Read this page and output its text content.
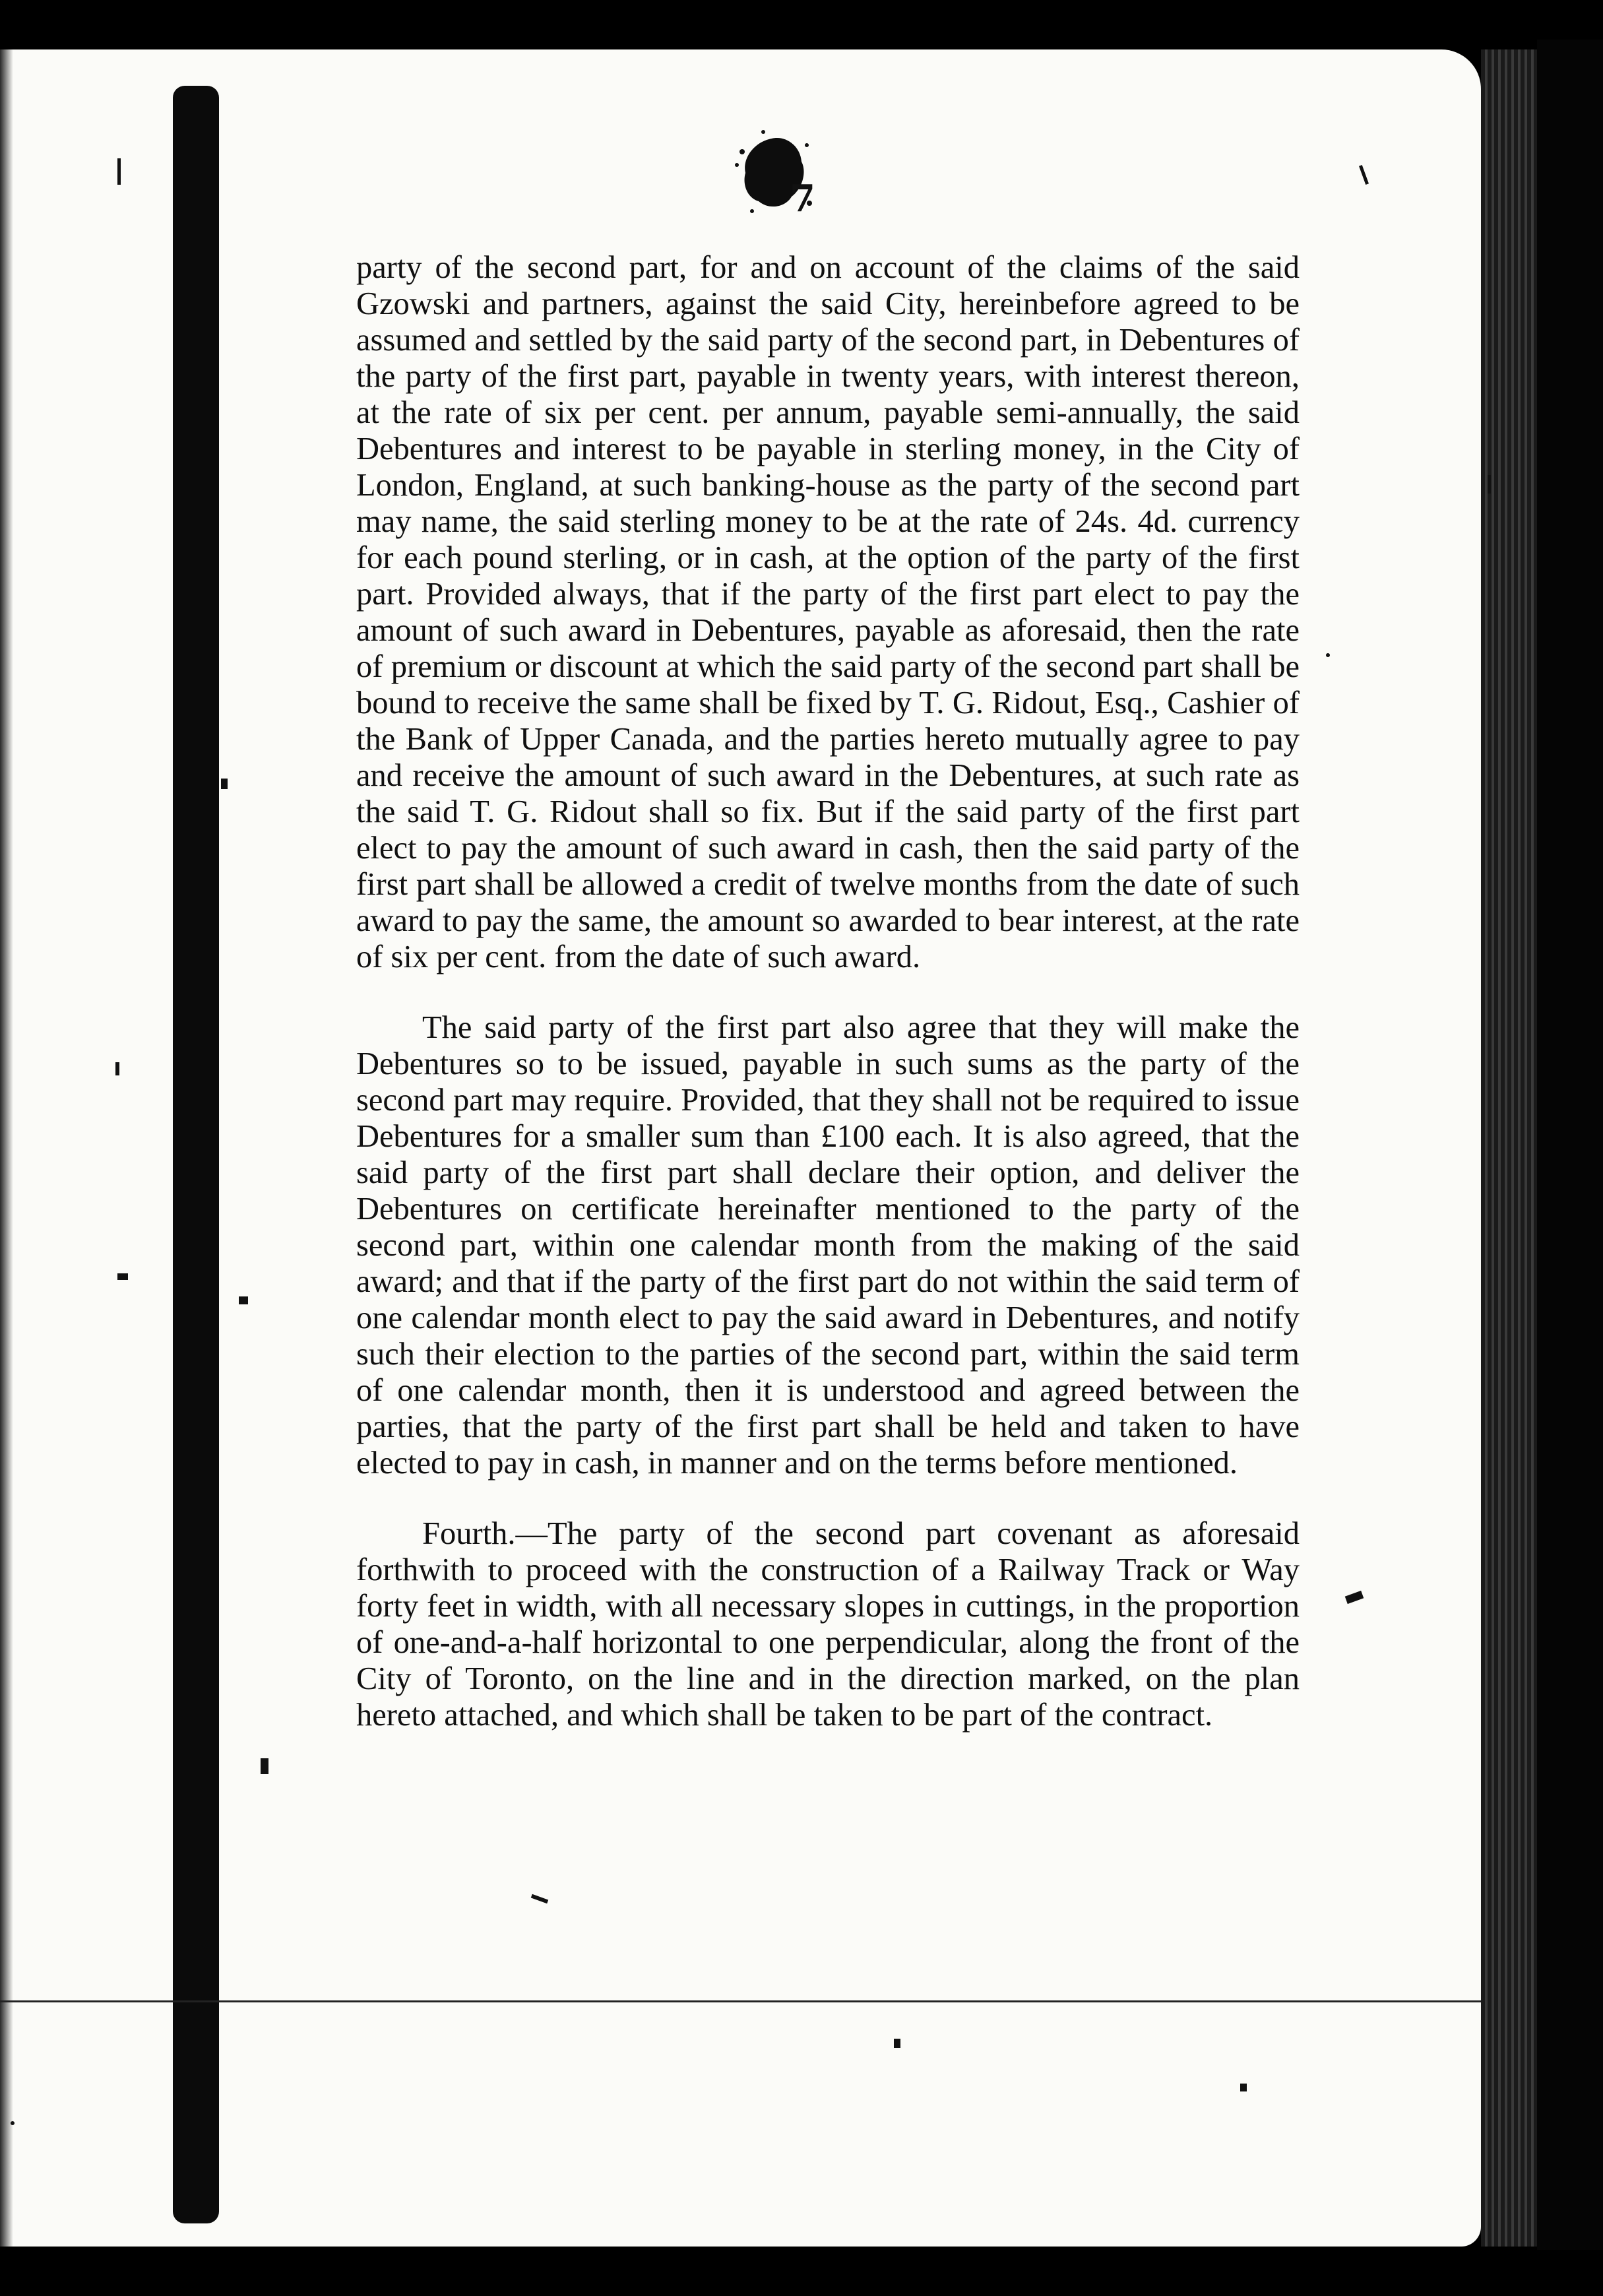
7

party of the second part, for and on account of the claims of the said Gzowski and partners, against the said City, hereinbefore agreed to be assumed and settled by the said party of the second part, in Debentures of the party of the first part, payable in twenty years, with interest thereon, at the rate of six per cent. per annum, payable semi-annually, the said Debentures and interest to be payable in sterling money, in the City of London, England, at such banking-house as the party of the second part may name, the said sterling money to be at the rate of 24s. 4d. currency for each pound sterling, or in cash, at the option of the party of the first part. Provided always, that if the party of the first part elect to pay the amount of such award in Debentures, payable as aforesaid, then the rate of premium or discount at which the said party of the second part shall be bound to receive the same shall be fixed by T. G. Ridout, Esq., Cashier of the Bank of Upper Canada, and the parties hereto mutually agree to pay and receive the amount of such award in the Debentures, at such rate as the said T. G. Ridout shall so fix. But if the said party of the first part elect to pay the amount of such award in cash, then the said party of the first part shall be allowed a credit of twelve months from the date of such award to pay the same, the amount so awarded to bear interest, at the rate of six per cent. from the date of such award.

The said party of the first part also agree that they will make the Debentures so to be issued, payable in such sums as the party of the second part may require. Provided, that they shall not be required to issue Debentures for a smaller sum than £100 each. It is also agreed, that the said party of the first part shall declare their option, and deliver the Debentures on certificate hereinafter mentioned to the party of the second part, within one calendar month from the making of the said award; and that if the party of the first part do not within the said term of one calendar month elect to pay the said award in Debentures, and notify such their election to the parties of the second part, within the said term of one calendar month, then it is understood and agreed between the parties, that the party of the first part shall be held and taken to have elected to pay in cash, in manner and on the terms before mentioned.

Fourth.—The party of the second part covenant as aforesaid forthwith to proceed with the construction of a Railway Track or Way forty feet in width, with all necessary slopes in cuttings, in the proportion of one-and-a-half horizontal to one perpendicular, along the front of the City of Toronto, on the line and in the direction marked, on the plan hereto attached, and which shall be taken to be part of the contract.
